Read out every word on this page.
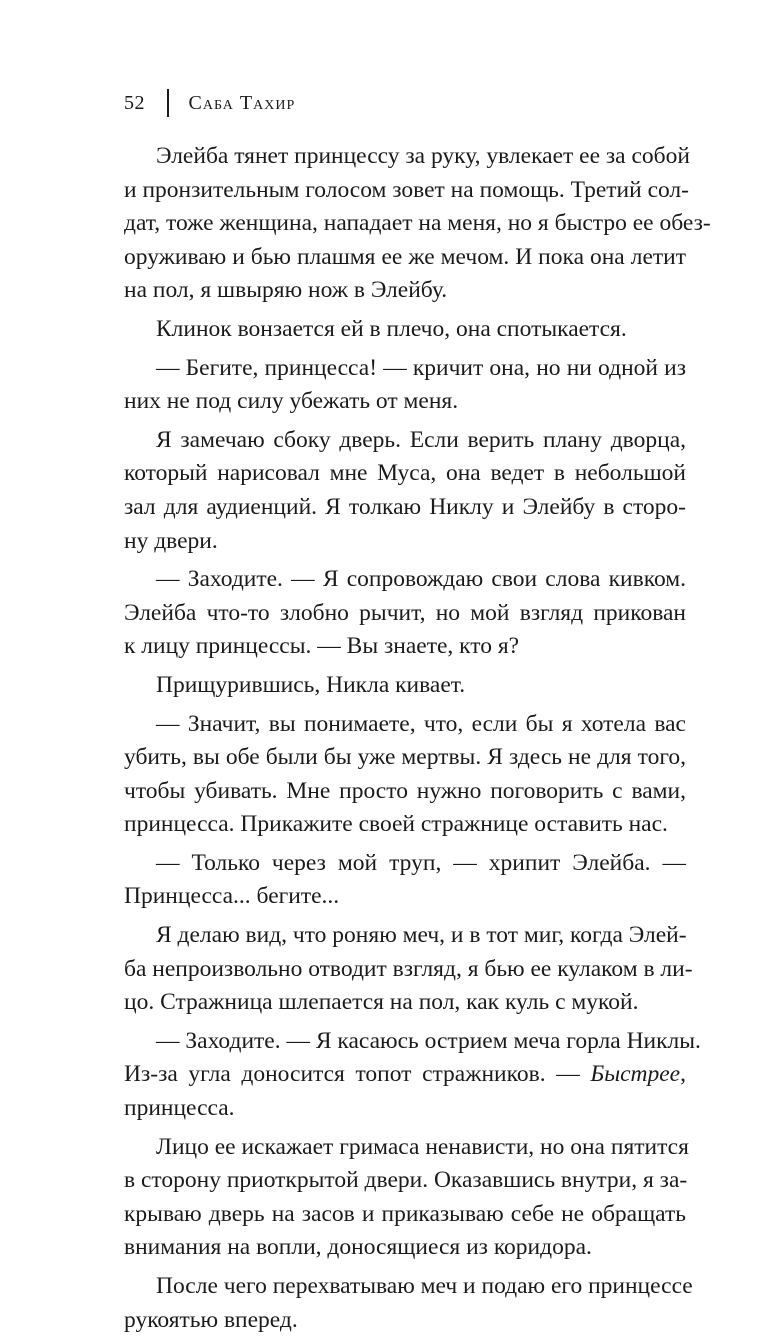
52 Саба Тахир
Элейба тянет принцессу за руку, увлекает ее за собой
и пронзительным голосом зовет на помощь. Третий сол-
дат, тоже женщина, нападает на меня, но я быстро ее обез-
оруживаю и бью плашмя ее же мечом. И пока она летит
на пол, я швыряю нож в Элейбу.
Клинок вонзается ей в плечо, она спотыкается.
— Бегите, принцесса! — кричит она, но ни одной из
них не под силу убежать от меня.
Я замечаю сбоку дверь. Если верить плану дворца,
который нарисовал мне Муса, она ведет в небольшой
зал для аудиенций. Я толкаю Никлу и Элейбу в сторо-
ну двери.
— Заходите. — Я сопровождаю свои слова кивком.
Элейба что-то злобно рычит, но мой взгляд прикован
к лицу принцессы. — Вы знаете, кто я?
Прищурившись, Никла кивает.
— Значит, вы понимаете, что, если бы я хотела вас
убить, вы обе были бы уже мертвы. Я здесь не для того,
чтобы убивать. Мне просто нужно поговорить с вами,
принцесса. Прикажите своей стражнице оставить нас.
— Только через мой труп, — хрипит Элейба. —
Принцесса... бегите...
Я делаю вид, что роняю меч, и в тот миг, когда Элей-
ба непроизвольно отводит взгляд, я бью ее кулаком в ли-
цо. Стражница шлепается на пол, как куль с мукой.
— Заходите. — Я касаюсь острием меча горла Никлы.
Из-за угла доносится топот стражников. — Быстрее,
принцесса.
Лицо ее искажает гримаса ненависти, но она пятится
в сторону приоткрытой двери. Оказавшись внутри, я за-
крываю дверь на засов и приказываю себе не обращать
внимания на вопли, доносящиеся из коридора.
После чего перехватываю меч и подаю его принцессе
рукоятью вперед.
